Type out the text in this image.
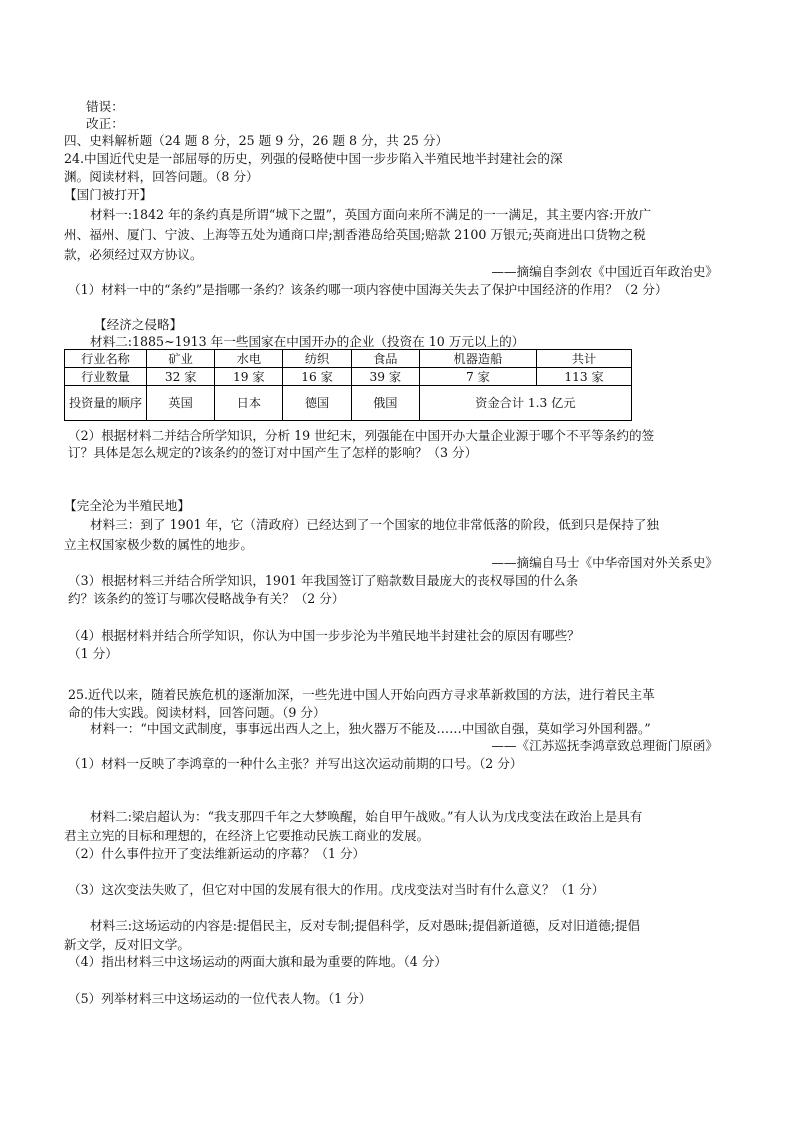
错误：
改正：
四、史料解析题（24 题 8 分，25 题 9 分，26 题 8 分，共 25 分）
24.中国近代史是一部屈辱的历史，列强的侵略使中国一步步陷入半殖民地半封建社会的深
渊。阅读材料，回答问题。（8 分）
【国门被打开】
材料一:1842 年的条约真是所谓“城下之盟”，英国方面向来所不满足的一一满足，其主要内容:开放广
州、福州、厦门、宁波、上海等五处为通商口岸;割香港岛给英国;赔款 2100 万银元;英商进出口货物之税
款，必须经过双方协议。
——摘编自李剑农《中国近百年政治史》
（1）材料一中的“条约”是指哪一条约？该条约哪一项内容使中国海关失去了保护中国经济的作用？（2 分）
【经济之侵略】
材料二:1885~1913 年一些国家在中国开办的企业（投资在 10 万元以上的）
行业名称	矿业	水电	纺织	食品	机器造船	共计
行业数量	32 家	19 家	16 家	39 家	7 家	113 家
投资量的顺序	英国	日本	德国	俄国	资金合计 1.3 亿元	
（2）根据材料二并结合所学知识，分析 19 世纪末，列强能在中国开办大量企业源于哪个不平等条约的签
订？具体是怎么规定的?该条约的签订对中国产生了怎样的影响？（3 分）
【完全沦为半殖民地】
材料三：到了 1901 年，它（清政府）已经达到了一个国家的地位非常低落的阶段，低到只是保持了独
立主权国家极少数的属性的地步。
——摘编自马士《中华帝国对外关系史》
（3）根据材料三并结合所学知识，1901 年我国签订了赔款数目最庞大的丧权辱国的什么条
约？该条约的签订与哪次侵略战争有关？（2 分）
（4）根据材料并结合所学知识，你认为中国一步步沦为半殖民地半封建社会的原因有哪些？
（1 分）
25.近代以来，随着民族危机的逐渐加深，一些先进中国人开始向西方寻求革新救国的方法，进行着民主革
命的伟大实践。阅读材料，回答问题。（9 分）
材料一：“中国文武制度，事事远出西人之上，独火器万不能及……中国欲自强，莫如学习外国利器。”
——《江苏巡抚李鸿章致总理衙门原函》
（1）材料一反映了李鸿章的一种什么主张？并写出这次运动前期的口号。（2 分）
材料二:梁启超认为：“我支那四千年之大梦唤醒，始自甲午战败。”有人认为戊戌变法在政治上是具有
君主立宪的目标和理想的，在经济上它要推动民族工商业的发展。
（2）什么事件拉开了变法维新运动的序幕？（1 分）
（3）这次变法失败了，但它对中国的发展有很大的作用。戊戌变法对当时有什么意义？（1 分）
材料三:这场运动的内容是:提倡民主，反对专制;提倡科学，反对愚昧;提倡新道德，反对旧道德;提倡
新文学，反对旧文学。
（4）指出材料三中这场运动的两面大旗和最为重要的阵地。（4 分）
（5）列举材料三中这场运动的一位代表人物。（1 分）
